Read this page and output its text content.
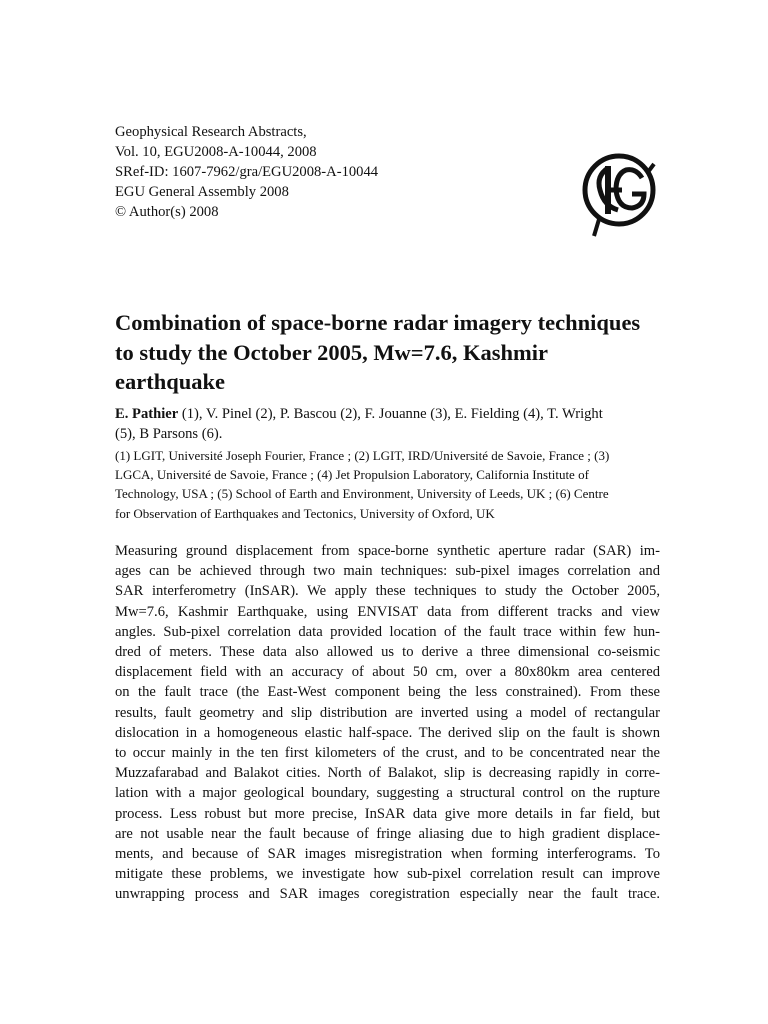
Geophysical Research Abstracts,
Vol. 10, EGU2008-A-10044, 2008
SRef-ID: 1607-7962/gra/EGU2008-A-10044
EGU General Assembly 2008
© Author(s) 2008
Combination of space-borne radar imagery techniques
to study the October 2005, Mw=7.6, Kashmir
earthquake
E. Pathier (1), V. Pinel (2), P. Bascou (2), F. Jouanne (3), E. Fielding (4), T. Wright
(5), B Parsons (6).
(1) LGIT, Université Joseph Fourier, France ; (2) LGIT, IRD/Université de Savoie, France ; (3)
LGCA, Université de Savoie, France ; (4) Jet Propulsion Laboratory, California Institute of
Technology, USA ; (5) School of Earth and Environment, University of Leeds, UK ; (6) Centre
for Observation of Earthquakes and Tectonics, University of Oxford, UK
Measuring ground displacement from space-borne synthetic aperture radar (SAR) im-
ages can be achieved through two main techniques: sub-pixel images correlation and
SAR interferometry (InSAR). We apply these techniques to study the October 2005,
Mw=7.6, Kashmir Earthquake, using ENVISAT data from different tracks and view
angles. Sub-pixel correlation data provided location of the fault trace within few hun-
dred of meters. These data also allowed us to derive a three dimensional co-seismic
displacement field with an accuracy of about 50 cm, over a 80x80km area centered
on the fault trace (the East-West component being the less constrained). From these
results, fault geometry and slip distribution are inverted using a model of rectangular
dislocation in a homogeneous elastic half-space. The derived slip on the fault is shown
to occur mainly in the ten first kilometers of the crust, and to be concentrated near the
Muzzafarabad and Balakot cities. North of Balakot, slip is decreasing rapidly in corre-
lation with a major geological boundary, suggesting a structural control on the rupture
process. Less robust but more precise, InSAR data give more details in far field, but
are not usable near the fault because of fringe aliasing due to high gradient displace-
ments, and because of SAR images misregistration when forming interferograms. To
mitigate these problems, we investigate how sub-pixel correlation result can improve
unwrapping process and SAR images coregistration especially near the fault trace.
